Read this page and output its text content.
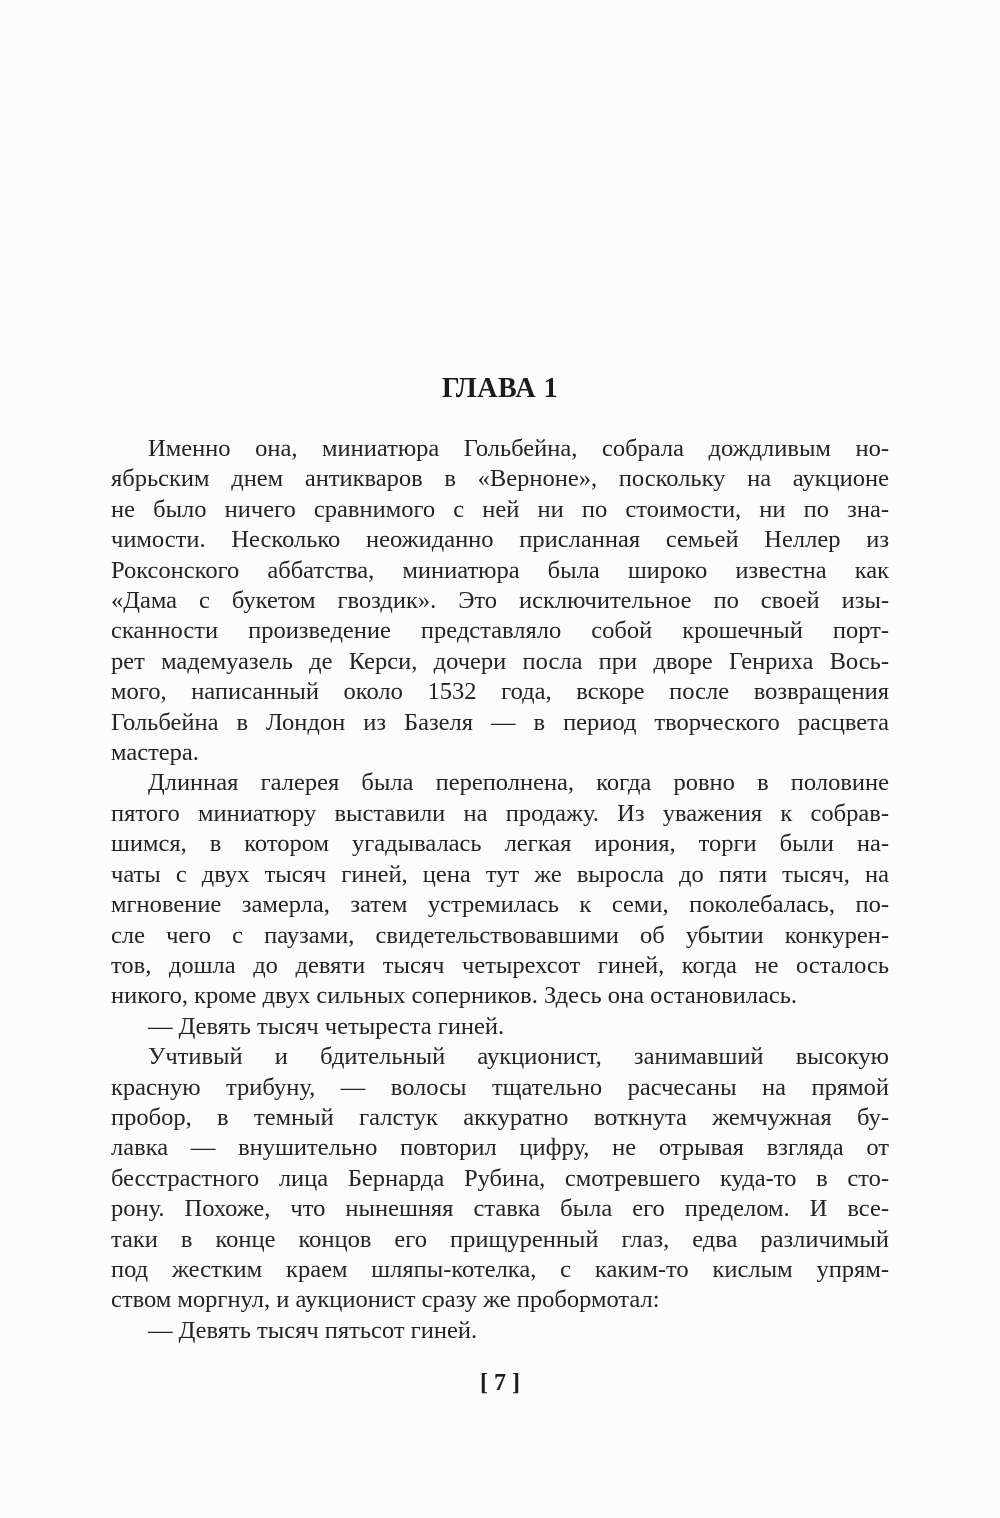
ГЛАВА 1

Именно она, миниатюра Гольбейна, собрала дождливым но-
ябрьским днем антикваров в «Верноне», поскольку на аукционе
не было ничего сравнимого с ней ни по стоимости, ни по зна-
чимости. Несколько неожиданно присланная семьей Неллер из
Роксонского аббатства, миниатюра была широко известна как
«Дама с букетом гвоздик». Это исключительное по своей изы-
сканности произведение представляло собой крошечный порт-
рет мадемуазель де Керси, дочери посла при дворе Генриха Вось-
мого, написанный около 1532 года, вскоре после возвращения
Гольбейна в Лондон из Базеля — в период творческого расцвета
мастера.

Длинная галерея была переполнена, когда ровно в половине
пятого миниатюру выставили на продажу. Из уважения к собрав-
шимся, в котором угадывалась легкая ирония, торги были на-
чаты с двух тысяч гиней, цена тут же выросла до пяти тысяч, на
мгновение замерла, затем устремилась к семи, поколебалась, по-
сле чего с паузами, свидетельствовавшими об убытии конкурен-
тов, дошла до девяти тысяч четырехсот гиней, когда не осталось
никого, кроме двух сильных соперников. Здесь она остановилась.

— Девять тысяч четыреста гиней.

Учтивый и бдительный аукционист, занимавший высокую
красную трибуну, — волосы тщательно расчесаны на прямой
пробор, в темный галстук аккуратно воткнута жемчужная бу-
лавка — внушительно повторил цифру, не отрывая взгляда от
бесстрастного лица Бернарда Рубина, смотревшего куда-то в сто-
рону. Похоже, что нынешняя ставка была его пределом. И все-
таки в конце концов его прищуренный глаз, едва различимый
под жестким краем шляпы-котелка, с каким-то кислым упрям-
ством моргнул, и аукционист сразу же пробормотал:

— Девять тысяч пятьсот гиней.

[ 7 ]
